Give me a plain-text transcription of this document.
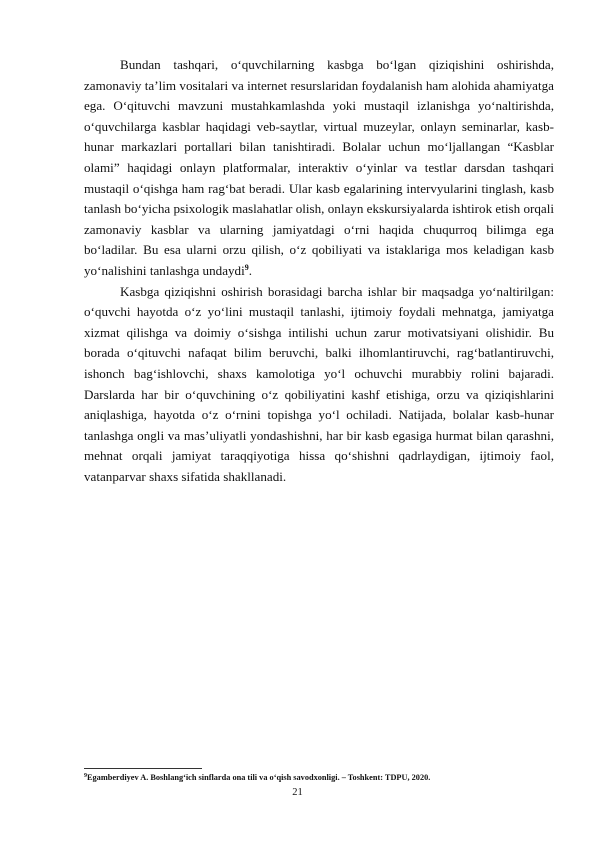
Bundan tashqari, o‘quvchilarning kasbga bo‘lgan qiziqishini oshirishda, zamonaviy ta’lim vositalari va internet resurslaridan foydalanish ham alohida ahamiyatga ega. O‘qituvchi mavzuni mustahkamlashda yoki mustaqil izlanishga yo‘naltirishda, o‘quvchilarga kasblar haqidagi veb-saytlar, virtual muzeylar, onlayn seminarlar, kasb-hunar markazlari portallari bilan tanishtiradi. Bolalar uchun mo‘ljallangan “Kasblar olami” haqidagi onlayn platformalar, interaktiv o‘yinlar va testlar darsdan tashqari mustaqil o‘qishga ham rag‘bat beradi. Ular kasb egalarining intervyularini tinglash, kasb tanlash bo‘yicha psixologik maslahatlar olish, onlayn ekskursiyalarda ishtirok etish orqali zamonaviy kasblar va ularning jamiyatdagi o‘rni haqida chuqurroq bilimga ega bo‘ladilar. Bu esa ularni orzu qilish, o‘z qobiliyati va istaklariga mos keladigan kasb yo‘nalishini tanlashga undaydi$^9$.

Kasbga qiziqishni oshirish borasidagi barcha ishlar bir maqsadga yo‘naltirilgan: o‘quvchi hayotda o‘z yo‘lini mustaqil tanlashi, ijtimoiy foydali mehnatga, jamiyatga xizmat qilishga va doimiy o‘sishga intilishi uchun zarur motivatsiyani olishidir. Bu borada o‘qituvchi nafaqat bilim beruvchi, balki ilhomlantiruvchi, rag‘batlantiruvchi, ishonch bag‘ishlovchi, shaxs kamolotiga yo‘l ochuvchi murabbiy rolini bajaradi. Darslarda har bir o‘quvchining o‘z qobiliyatini kashf etishiga, orzu va qiziqishlarini aniqlashiga, hayotda o‘z o‘rnini topishga yo‘l ochiladi. Natijada, bolalar kasb-hunar tanlashga ongli va mas’uliyatli yondashishni, har bir kasb egasiga hurmat bilan qarashni, mehnat orqali jamiyat taraqqiyotiga hissa qo‘shishni qadrlaydigan, ijtimoiy faol, vatanparvar shaxs sifatida shakllanadi.

$^9$Egamberdiyev A. Boshlang‘ich sinflarda ona tili va o‘qish savodxonligi. – Toshkent: TDPU, 2020.
21
